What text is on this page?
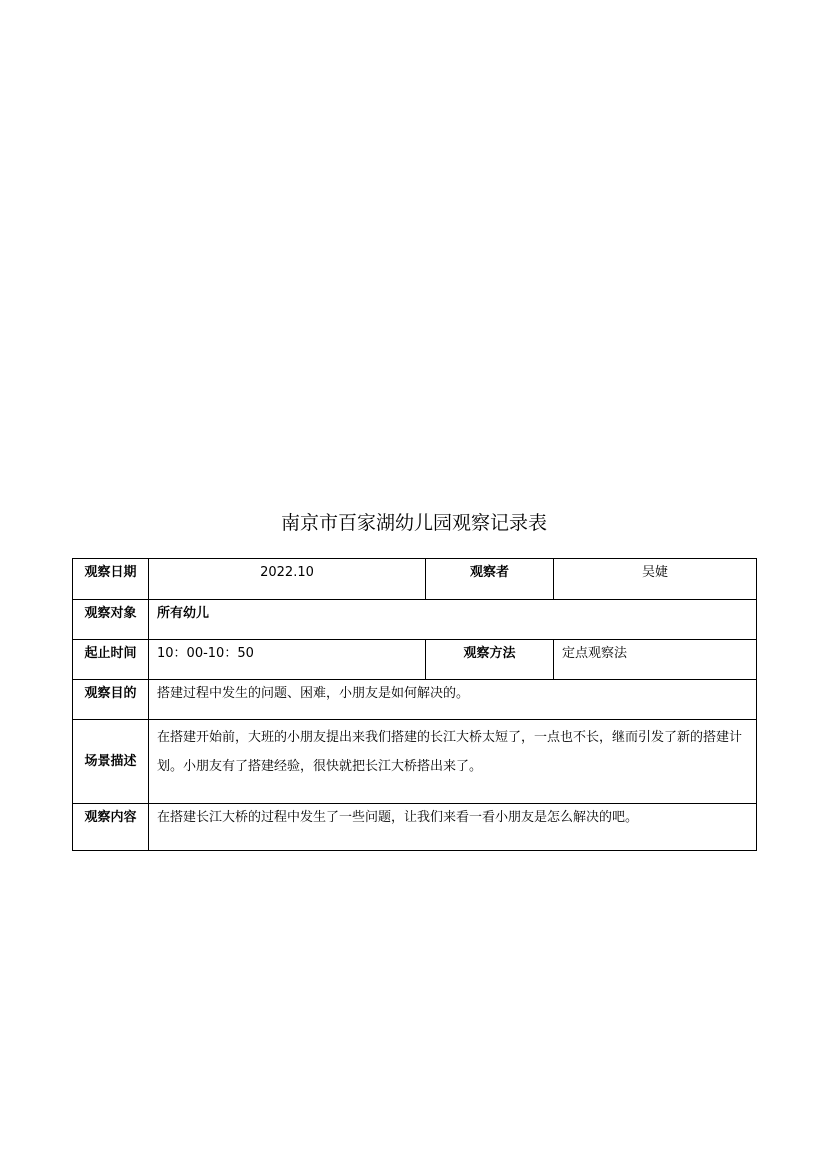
南京市百家湖幼儿园观察记录表
观察日期	2022.10	观察者	吴婕
观察对象	所有幼儿		
起止时间	10：00-10：50	观察方法	定点观察法
观察目的	搭建过程中发生的问题、困难，小朋友是如何解决的。		
场景描述	在搭建开始前，大班的小朋友提出来我们搭建的长江大桥太短了，一点也不长，继而引发了新的搭建计划。小朋友有了搭建经验，很快就把长江大桥搭出来了。		
观察内容	在搭建长江大桥的过程中发生了一些问题，让我们来看一看小朋友是怎么解决的吧。		
